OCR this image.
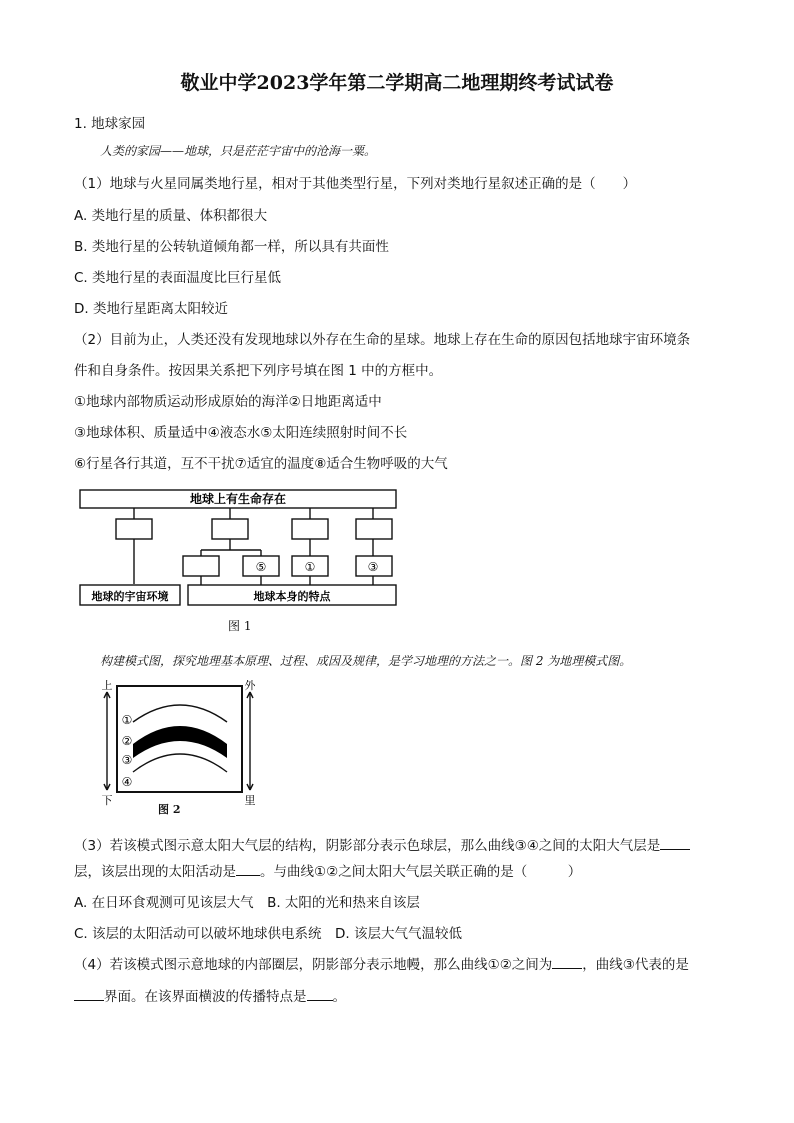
敬业中学2023学年第二学期高二地理期终考试试卷
1. 地球家园
人类的家园——地球，只是茫茫宇宙中的沧海一粟。
（1）地球与火星同属类地行星，相对于其他类型行星，下列对类地行星叙述正确的是（　　）
A. 类地行星的质量、体积都很大
B. 类地行星的公转轨道倾角都一样，所以具有共面性
C. 类地行星的表面温度比巨行星低
D. 类地行星距离太阳较近
（2）目前为止，人类还没有发现地球以外存在生命的星球。地球上存在生命的原因包括地球宇宙环境条
件和自身条件。按因果关系把下列序号填在图 1 中的方框中。
①地球内部物质运动形成原始的海洋②日地距离适中
③地球体积、质量适中④液态水⑤太阳连续照射时间不长
⑥行星各行其道，互不干扰⑦适宜的温度⑧适合生物呼吸的大气
地球上有生命存在
⑤	①	③
地球的宇宙环境	地球本身的特点
图 1
构建模式图，探究地理基本原理、过程、成因及规律，是学习地理的方法之一。图 2 为地理模式图。
上
下
外
里
①
②
③
④
图 2
（3）若该模式图示意太阳大气层的结构，阴影部分表示色球层，那么曲线③④之间的太阳大气层是
层，该层出现的太阳活动是 。与曲线①②之间太阳大气层关联正确的是（　　　）
A. 在日环食观测可见该层大气　B. 太阳的光和热来自该层
C. 该层的太阳活动可以破坏地球供电系统　D. 该层大气气温较低
（4）若该模式图示意地球的内部圈层，阴影部分表示地幔，那么曲线①②之间为 ，曲线③代表的是
界面。在该界面横波的传播特点是 。
